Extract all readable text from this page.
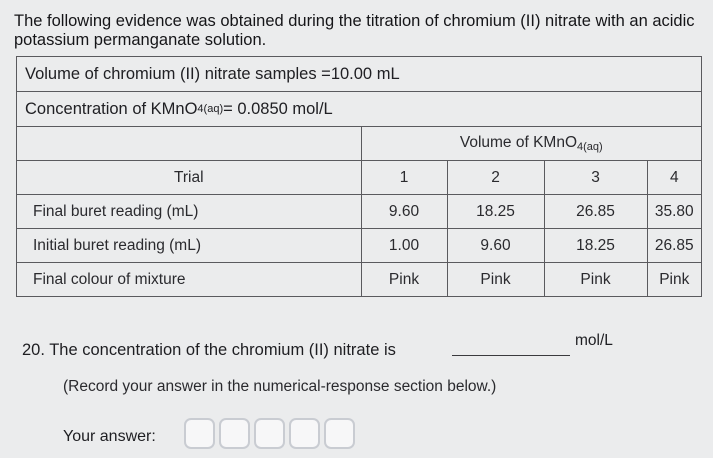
The following evidence was obtained during the titration of chromium (II) nitrate with an acidic potassium permanganate solution.
Volume of chromium (II) nitrate samples =10.00 mL
Concentration of KMnO 4(aq) = 0.0850 mol/L
	Volume of KMnO$_{4(aq)}$
Trial	1	2	3	4
Final buret reading (mL)	9.60	18.25	26.85	35.80
Initial buret reading (mL)	1.00	9.60	18.25	26.85
Final colour of mixture	Pink	Pink	Pink	Pink
20. The concentration of the chromium (II) nitrate is
mol/L
(Record your answer in the numerical-response section below.)
Your answer:
